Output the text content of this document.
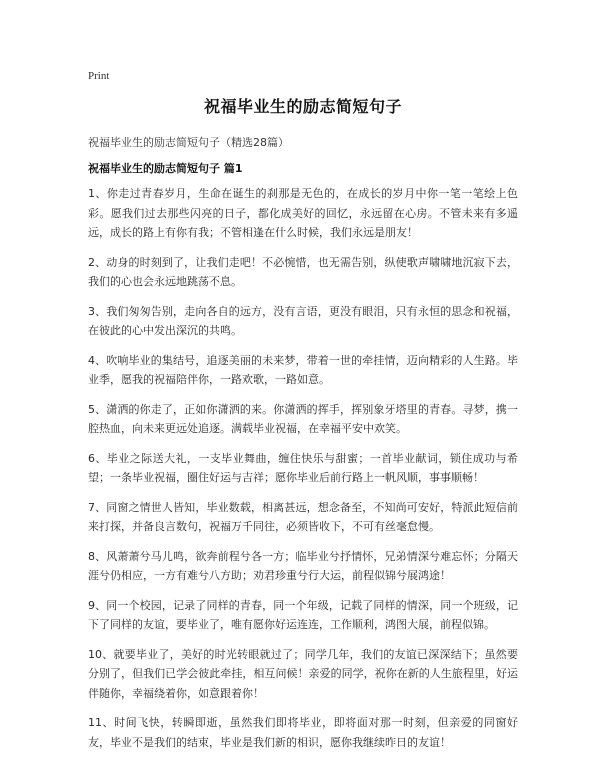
Print
祝福毕业生的励志简短句子
祝福毕业生的励志简短句子（精选28篇）
祝福毕业生的励志简短句子 篇1

1、你走过青春岁月，生命在诞生的刹那是无色的，在成长的岁月中你一笔一笔绘上色彩。愿我们过去那些闪亮的日子，都化成美好的回忆，永远留在心房。不管未来有多遥远，成长的路上有你有我；不管相逢在什么时候，我们永远是朋友！

2、动身的时刻到了，让我们走吧！不必惋惜，也无需告别，纵使歌声啸啸地沉寂下去，我们的心也会永远地跳荡不息。

3、我们匆匆告别，走向各自的远方，没有言语，更没有眼泪，只有永恒的思念和祝福，在彼此的心中发出深沉的共鸣。

4、吹响毕业的集结号，追逐美丽的未来梦，带着一世的牵挂情，迈向精彩的人生路。毕业季，愿我的祝福陪伴你，一路欢歌，一路如意。

5、潇洒的你走了，正如你潇洒的来。你潇洒的挥手，挥别象牙塔里的青春。寻梦，携一腔热血，向未来更远处追逐。满载毕业祝福，在幸福平安中欢笑。

6、毕业之际送大礼，一支毕业舞曲，缠住快乐与甜蜜；一首毕业献词，锁住成功与希望；一条毕业祝福，圈住好运与吉祥；愿你毕业后前行路上一帆风顺，事事顺畅！

7、同窗之情世人皆知，毕业数载，相离甚远，想念备至，不知尚可安好，特派此短信前来打探，并备良言数句，祝福万千同往，必须皆收下，不可有丝毫怠慢。

8、风萧萧兮马儿鸣，欲奔前程兮各一方；临毕业兮抒情怀，兄弟情深兮难忘怀；分隔天涯兮仍相应，一方有难兮八方助；劝君珍重兮行大运，前程似锦兮展鸿途！

9、同一个校园，记录了同样的青春，同一个年级，记载了同样的情深，同一个班级，记下了同样的友谊，要毕业了，唯有愿你好运连连，工作顺利，鸿图大展，前程似锦。

10、就要毕业了，美好的时光转眼就过了；同学几年，我们的友谊已深深结下；虽然要分别了，但我们已学会彼此牵挂，相互问候！亲爱的同学，祝你在新的人生旅程里，好运伴随你，幸福绕着你，如意跟着你！

11、时间飞快，转瞬即逝，虽然我们即将毕业，即将面对那一时刻，但亲爱的同窗好友，毕业不是我们的结束，毕业是我们新的相识，愿你我继续昨日的友谊！
